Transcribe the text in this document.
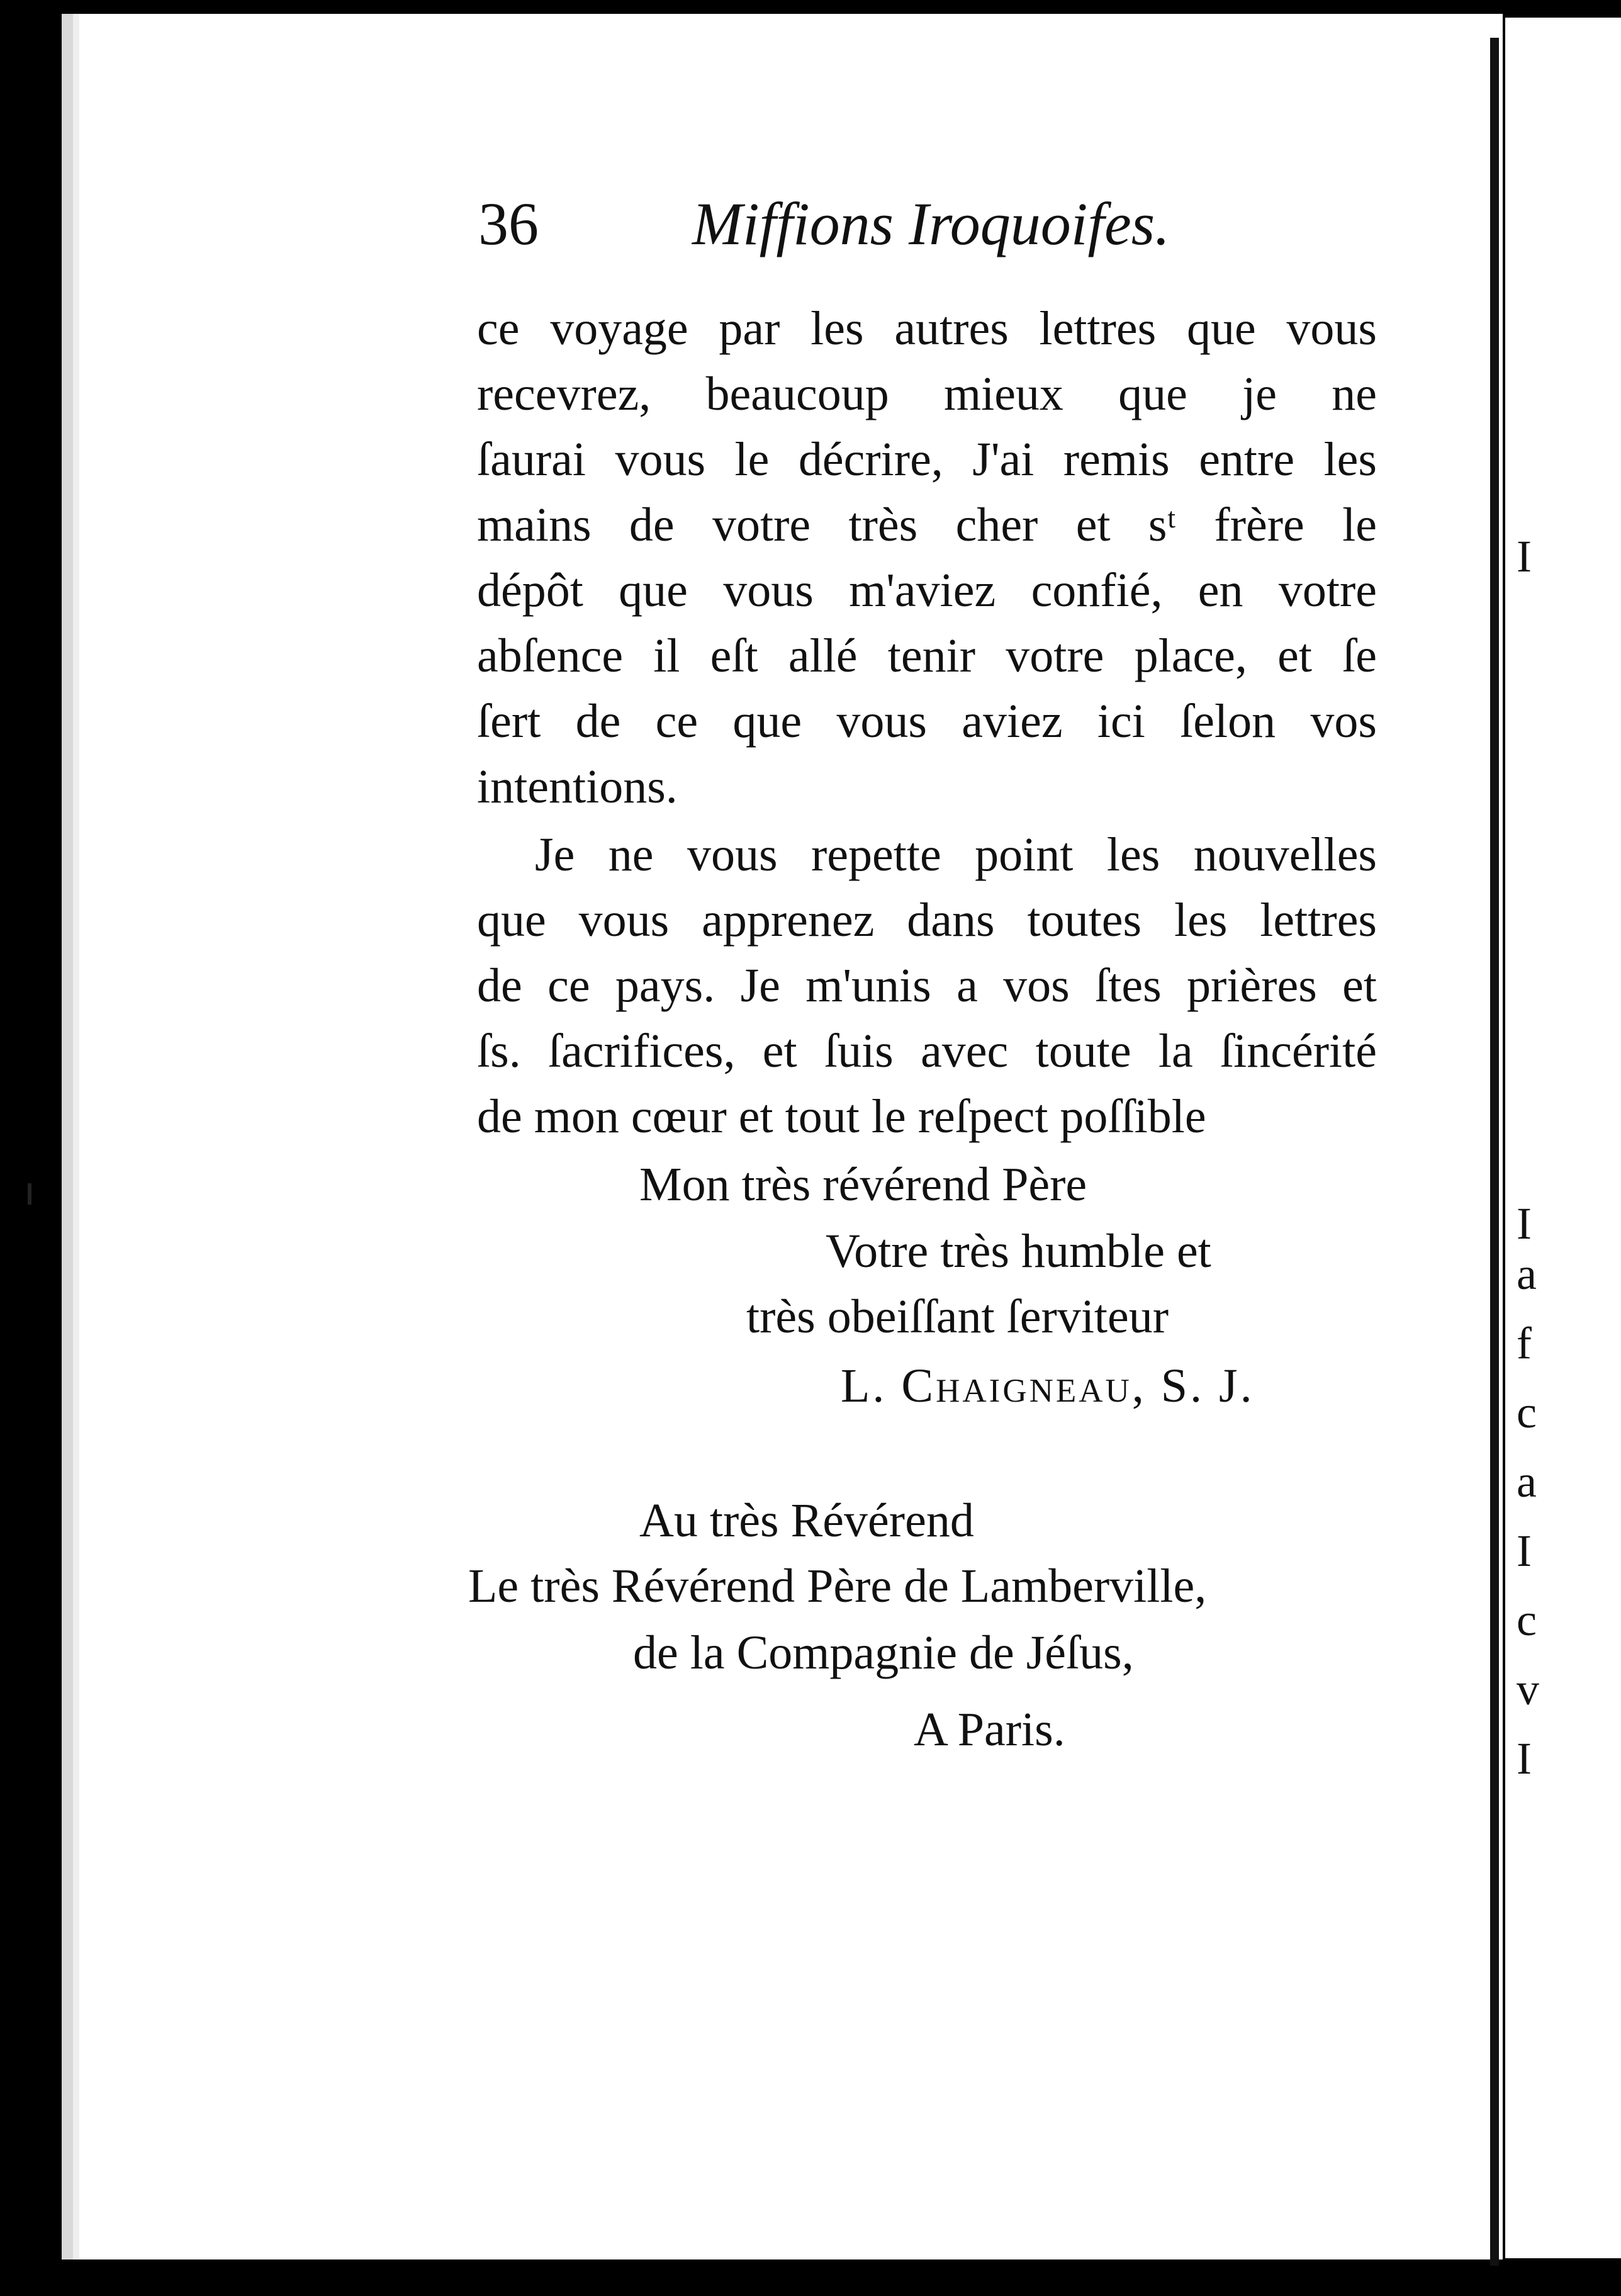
I
a
f
c
a
I
c
v
I
I
36	Miffions Iroquoifes.
ce voyage par les autres lettres que vous
recevrez, beaucoup mieux que je ne
ſaurai vous le décrire, J'ai remis entre les
mains de votre très cher et sᵗ frère le
dépôt que vous m'aviez confié, en votre
abſence il eſt allé tenir votre place, et ſe
ſert de ce que vous aviez ici ſelon vos
intentions.
Je ne vous repette point les nouvelles
que vous apprenez dans toutes les lettres
de ce pays. Je m'unis a vos ſtes prières et
ſs. ſacrifices, et ſuis avec toute la ſincérité
de mon cœur et tout le reſpect poſſible
Mon très révérend Père
Votre très humble et
très obeiſſant ſerviteur
L. Chaigneau, S. J.
Au très Révérend
Le très Révérend Père de Lamberville,
de la Compagnie de Jéſus,
A Paris.
